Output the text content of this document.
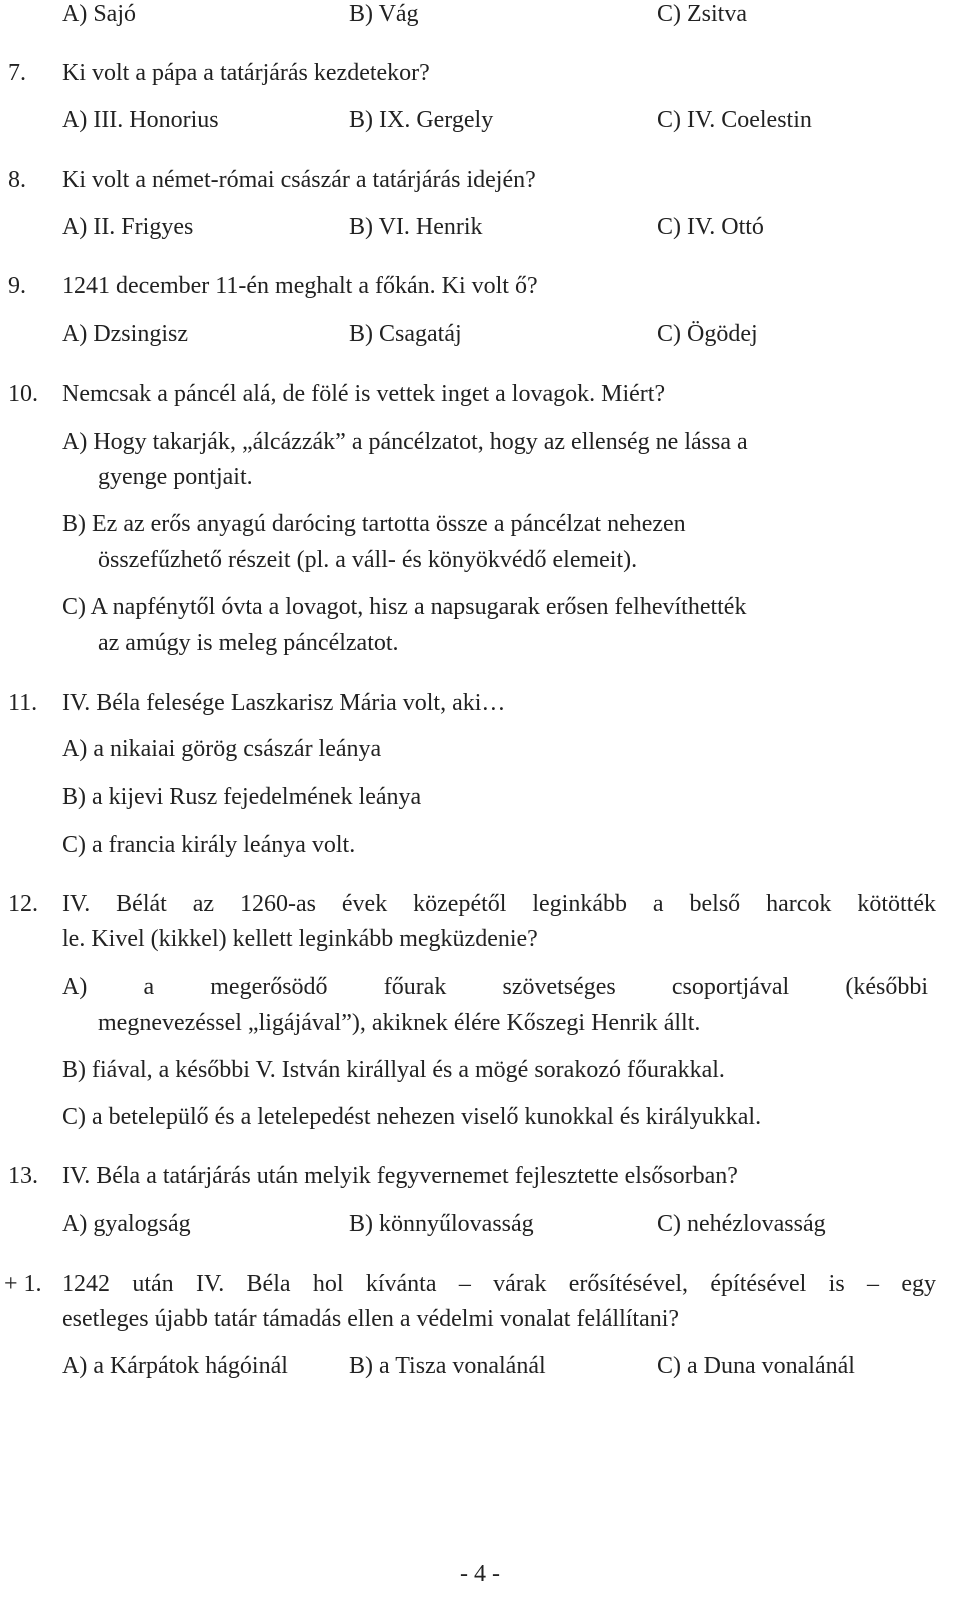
A) Sajó	B) Vág	C) Zsitva
7. Ki volt a pápa a tatárjárás kezdetekor?
A) III. Honorius	B) IX. Gergely	C) IV. Coelestin
8. Ki volt a német-római császár a tatárjárás idején?
A) II. Frigyes	B) VI. Henrik	C) IV. Ottó
9. 1241 december 11-én meghalt a főkán. Ki volt ő?
A) Dzsingisz	B) Csagatáj	C) Ögödej
10. Nemcsak a páncél alá, de fölé is vettek inget a lovagok. Miért?
A) Hogy takarják, „álcázzák” a páncélzatot, hogy az ellenség ne lássa a
gyenge pontjait.
B) Ez az erős anyagú darócing tartotta össze a páncélzat nehezen
összefűzhető részeit (pl. a váll- és könyökvédő elemeit).
C) A napfénytől óvta a lovagot, hisz a napsugarak erősen felhevíthették
az amúgy is meleg páncélzatot.
11. IV. Béla felesége Laszkarisz Mária volt, aki…
A) a nikaiai görög császár leánya
B) a kijevi Rusz fejedelmének leánya
C) a francia király leánya volt.
12. IV. Bélát az 1260-as évek közepétől leginkább a belső harcok kötötték
le. Kivel (kikkel) kellett leginkább megküzdenie?
A) a megerősödő főurak szövetséges csoportjával (későbbi
megnevezéssel „ligájával”), akiknek élére Kőszegi Henrik állt.
B) fiával, a későbbi V. István királlyal és a mögé sorakozó főurakkal.
C) a betelepülő és a letelepedést nehezen viselő kunokkal és királyukkal.
13. IV. Béla a tatárjárás után melyik fegyvernemet fejlesztette elsősorban?
A) gyalogság	B) könnyűlovasság	C) nehézlovasság
+ 1. 1242 után IV. Béla hol kívánta – várak erősítésével, építésével is – egy
esetleges újabb tatár támadás ellen a védelmi vonalat felállítani?
A) a Kárpátok hágóinál	B) a Tisza vonalánál	C) a Duna vonalánál
- 4 -
